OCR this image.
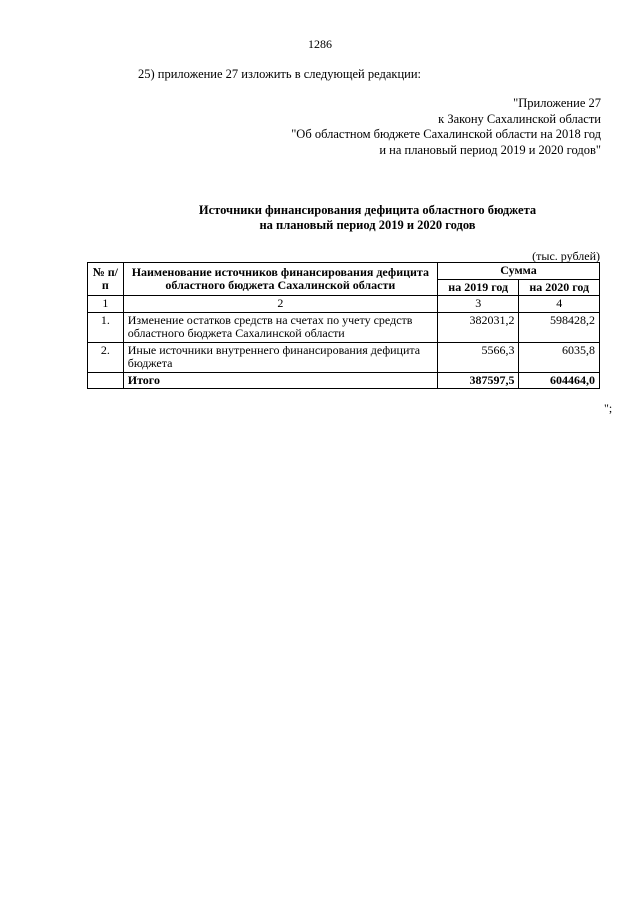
1286
25) приложение 27 изложить в следующей редакции:
"Приложение 27
к Закону Сахалинской области
"Об областном бюджете Сахалинской области на 2018 год
и на плановый период 2019 и 2020 годов"
Источники финансирования дефицита областного бюджета
на плановый период 2019 и 2020 годов
(тыс. рублей)
№ п/п	Наименование источников финансирования дефицита областного бюджета Сахалинской области	Сумма	
		на 2019 год	на 2020 год
1	2	3	4
1.	Изменение остатков средств на счетах по учету средств областного бюджета Сахалинской области	382031,2	598428,2
2.	Иные источники внутреннего финансирования дефицита бюджета	5566,3	6035,8
	Итого	387597,5	604464,0
";
